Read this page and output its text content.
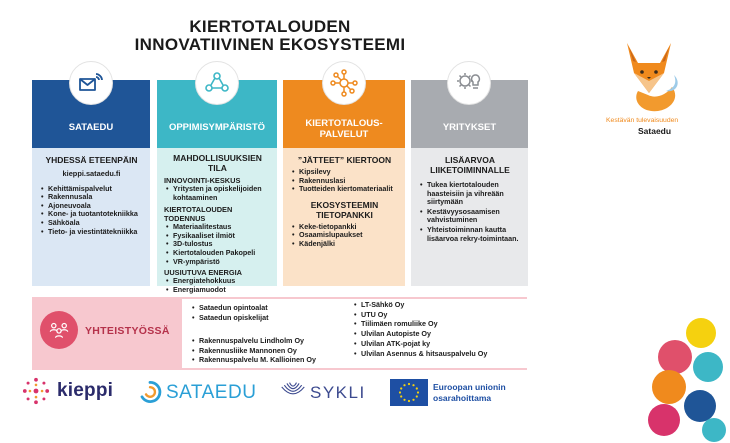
KIERTOTALOUDEN
INNOVATIIVINEN EKOSYSTEEMI
SATAEDU
YHDESSÄ ETEENPÄIN
kieppi.sataedu.fi
• Kehittämispalvelut
• Rakennusala
• Ajoneuvoala
• Kone- ja tuotantotekniikka
• Sähköala
• Tieto- ja viestintätekniikka
OPPIMISYMPÄRISTÖ
MAHDOLLISUUKSIEN TILA
INNOVOINTI-KESKUS
• Yritysten ja opiskelijoiden kohtaaminen
KIERTOTALOUDEN TODENNUS
• Materiaalitestaus
• Fysikaaliset ilmiöt
• 3D-tulostus
• Kiertotalouden Pakopeli
• VR-ympäristö
UUSIUTUVA ENERGIA
• Energiatehokkuus
• Energiamuodot
KIERTOTALOUS-
PALVELUT
”JÄTTEET” KIERTOON
• Kipsilevy
• Rakennuslasi
• Tuotteiden kiertomateriaalit
EKOSYSTEEMIN
TIETOPANKKI
• Keke-tietopankki
• Osaamislupaukset
• Kädenjälki
YRITYKSET
LISÄARVOA
LIIKETOIMINNALLE
• Tukea kiertotalouden haasteisiin ja vihreään siirtymään
• Kestävyysosaamisen vahvistuminen
• Yhteistoiminnan kautta lisäarvoa rekry-toimintaan.
YHTEISTYÖSSÄ
• Sataedun opintoalat
• Sataedun opiskelijat
• Rakennuspalvelu Lindholm Oy
• Rakennusliike Mannonen Oy
• Rakennuspalvelu M. Kallioinen Oy
• LT-Sähkö Oy
• UTU Oy
• Tiilimäen romuliike Oy
• Ulvilan Autopiste Oy
• Ulvilan ATK-pojat ky
• Ulvilan Asennus & hitsauspalvelu Oy
kieppi	SATAEDU	SYKLI	Euroopan unionin
osarahoittama
Kestävän tulevaisuuden
Sataedu
